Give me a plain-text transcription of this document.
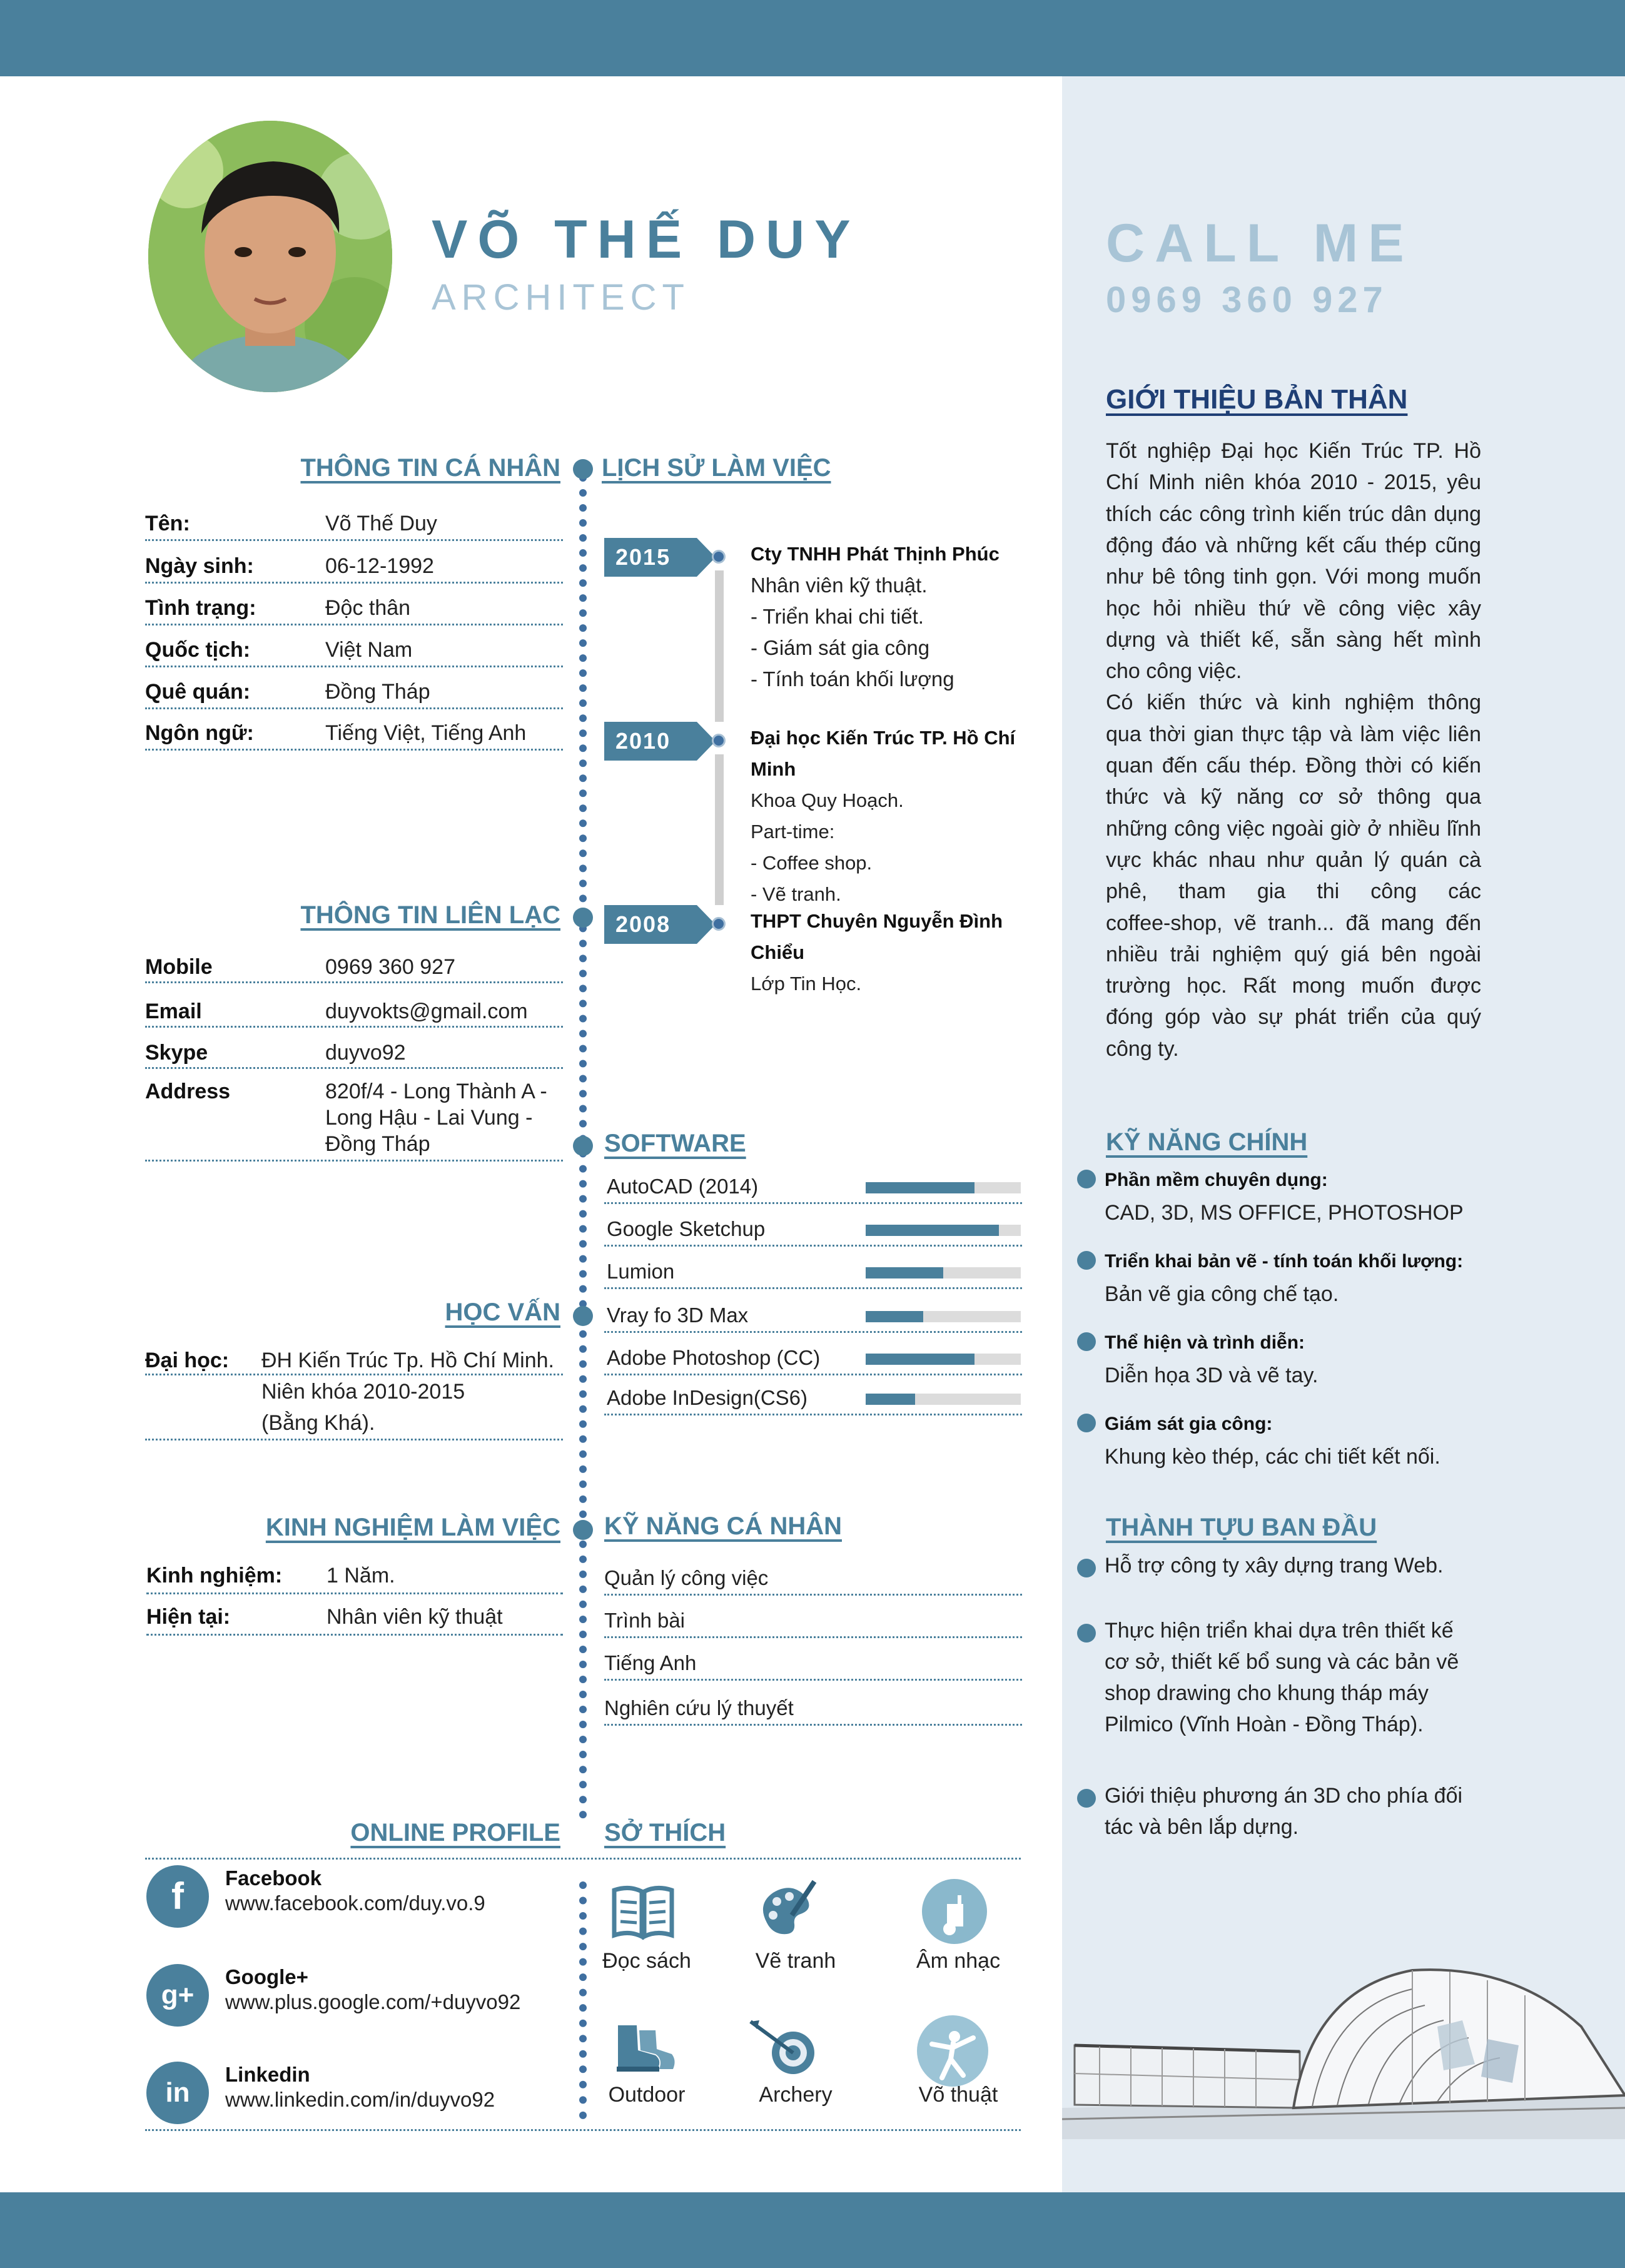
VÕ THẾ DUY
ARCHITECT
CALL ME
0969 360 927
THÔNG TIN CÁ NHÂN
Tên:	Võ Thế Duy
Ngày sinh:	06-12-1992
Tình trạng:	Độc thân
Quốc tịch:	Việt Nam
Quê quán:	Đồng Tháp
Ngôn ngữ:	Tiếng Việt, Tiếng Anh
THÔNG TIN LIÊN LẠC
Mobile	0969 360 927
Email	duyvokts@gmail.com
Skype	duyvo92
Address	820f/4 - Long Thành A -
Long Hậu - Lai Vung -
Đồng Tháp
HỌC VẤN
Đại học: ĐH Kiến Trúc Tp. Hồ Chí Minh.
Niên khóa 2010-2015
(Bằng Khá).
KINH NGHIỆM LÀM VIỆC
Kinh nghiệm: 1 Năm.
Hiện tại:	Nhân viên kỹ thuật
ONLINE PROFILE
f	Facebook
www.facebook.com/duy.vo.9
g+
Google+
www.plus.google.com/+duyvo92
in
Linkedin
www.linkedin.com/in/duyvo92
LỊCH SỬ LÀM VIỆC
2015	Cty TNHH Phát Thịnh Phúc
Nhân viên kỹ thuật.
- Triển khai chi tiết.
- Giám sát gia công
- Tính toán khối lượng
2010	Đại học Kiến Trúc TP. Hồ Chí
Minh
Khoa Quy Hoạch.
Part-time:
- Coffee shop.
- Vẽ tranh.
2008	THPT Chuyên Nguyễn Đình
Chiểu
Lớp Tin Học.
SOFTWARE
AutoCAD (2014)
Google Sketchup
Lumion
Vray fo 3D Max
Adobe Photoshop (CC)
Adobe InDesign(CS6)
KỸ NĂNG CÁ NHÂN
Quản lý công việc
Trình bài
Tiếng Anh
Nghiên cứu lý thuyết
SỞ THÍCH
Đọc sách	Vẽ tranh	Âm nhạc
Outdoor	Archery	Võ thuật
GIỚI THIỆU BẢN THÂN
Tốt nghiệp Đại học Kiến Trúc TP. Hồ
Chí Minh niên khóa 2010 - 2015, yêu
thích các công trình kiến trúc dân dụng
động đáo và những kết cấu thép cũng
như bê tông tinh gọn. Với mong muốn
học hỏi nhiều thứ về công việc xây
dựng và thiết kế, sẵn sàng hết mình
cho công việc.
Có kiến thức và kinh nghiệm thông
qua thời gian thực tập và làm việc liên
quan đến cấu thép. Đồng thời có kiến
thức và kỹ năng cơ sở thông qua
những công việc ngoài giờ ở nhiều lĩnh
vực khác nhau như quản lý quán cà
phê, tham gia thi công các
coffee-shop, vẽ tranh... đã mang đến
nhiều trải nghiệm quý giá bên ngoài
trường học. Rất mong muốn được
đóng góp vào sự phát triển của quý
công ty.
KỸ NĂNG CHÍNH
Phần mềm chuyên dụng:
CAD, 3D, MS OFFICE, PHOTOSHOP
Triển khai bản vẽ - tính toán khối lượng:
Bản vẽ gia công chế tạo.
Thể hiện và trình diễn:
Diễn họa 3D và vẽ tay.
Giám sát gia công:
Khung kèo thép, các chi tiết kết nối.
THÀNH TỰU BAN ĐẦU
Hỗ trợ công ty xây dựng trang Web.
Thực hiện triển khai dựa trên thiết kế
cơ sở, thiết kế bổ sung và các bản vẽ
shop drawing cho khung tháp máy
Pilmico (Vĩnh Hoàn - Đồng Tháp).
Giới thiệu phương án 3D cho phía đối
tác và bên lắp dựng.
